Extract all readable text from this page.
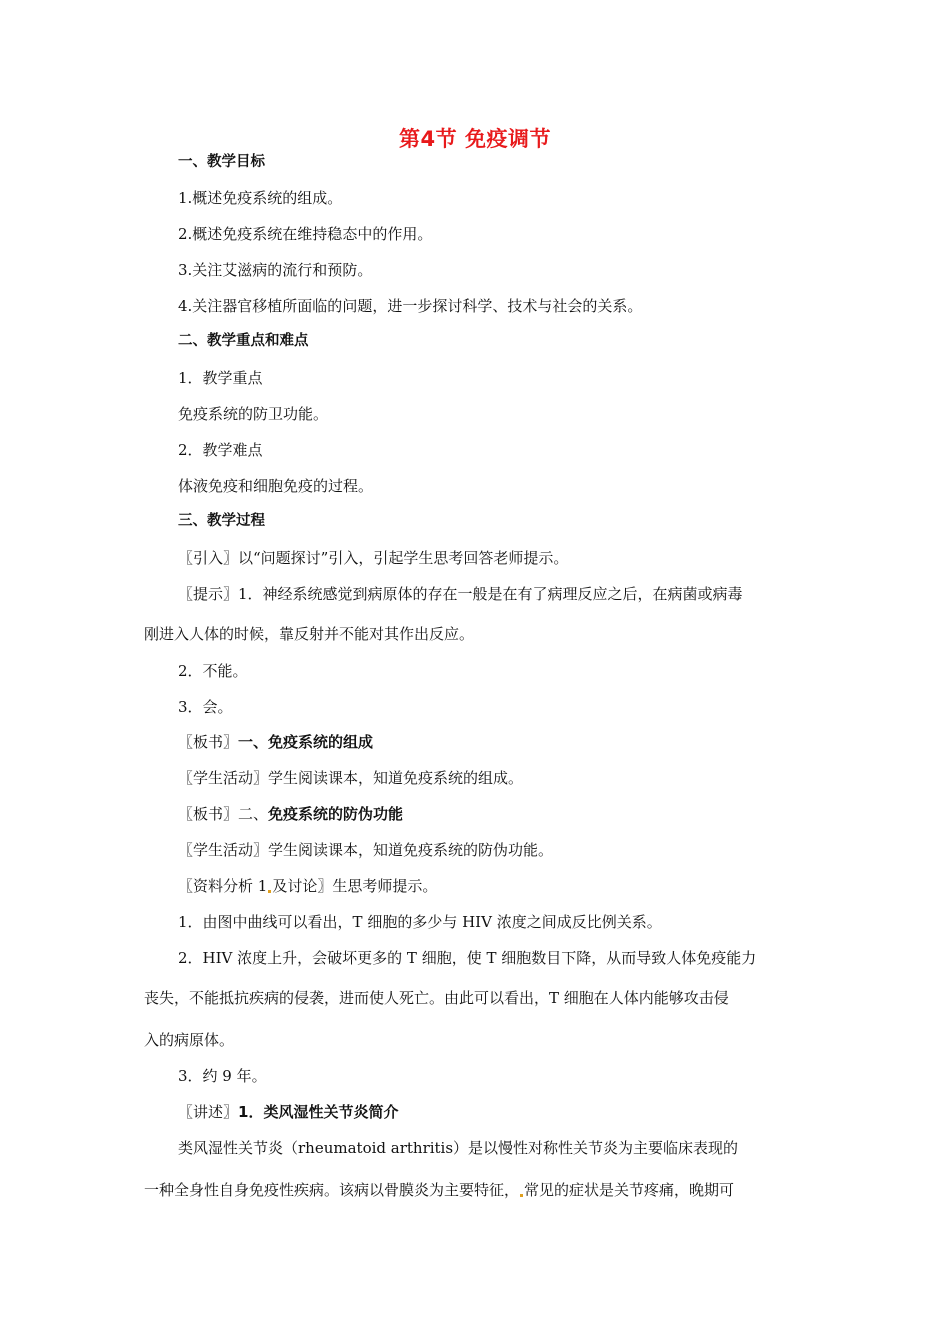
第4节 免疫调节
一、教学目标
1.概述免疫系统的组成。
2.概述免疫系统在维持稳态中的作用。
3.关注艾滋病的流行和预防。
4.关注器官移植所面临的问题，进一步探讨科学、技术与社会的关系。
二、教学重点和难点
1．教学重点
免疫系统的防卫功能。
2．教学难点
体液免疫和细胞免疫的过程。
三、教学过程
〖引入〗以“问题探讨”引入，引起学生思考回答老师提示。
〖提示〗1．神经系统感觉到病原体的存在一般是在有了病理反应之后，在病菌或病毒
刚进入人体的时候，靠反射并不能对其作出反应。
2．不能。
3．会。
〖板书〗一、免疫系统的组成
〖学生活动〗学生阅读课本，知道免疫系统的组成。
〖板书〗二、免疫系统的防伪功能
〖学生活动〗学生阅读课本，知道免疫系统的防伪功能。
〖资料分析 1 及讨论〗生思考师提示。
1．由图中曲线可以看出，T 细胞的多少与 HIV 浓度之间成反比例关系。
2．HIV 浓度上升，会破坏更多的 T 细胞，使 T 细胞数目下降，从而导致人体免疫能力
丧失，不能抵抗疾病的侵袭，进而使人死亡。由此可以看出，T 细胞在人体内能够攻击侵
入的病原体。
3．约 9 年。
〖讲述〗1．类风湿性关节炎简介
类风湿性关节炎（rheumatoid arthritis）是以慢性对称性关节炎为主要临床表现的
一种全身性自身免疫性疾病。该病以骨膜炎为主要特征， 常见的症状是关节疼痛，晚期可
